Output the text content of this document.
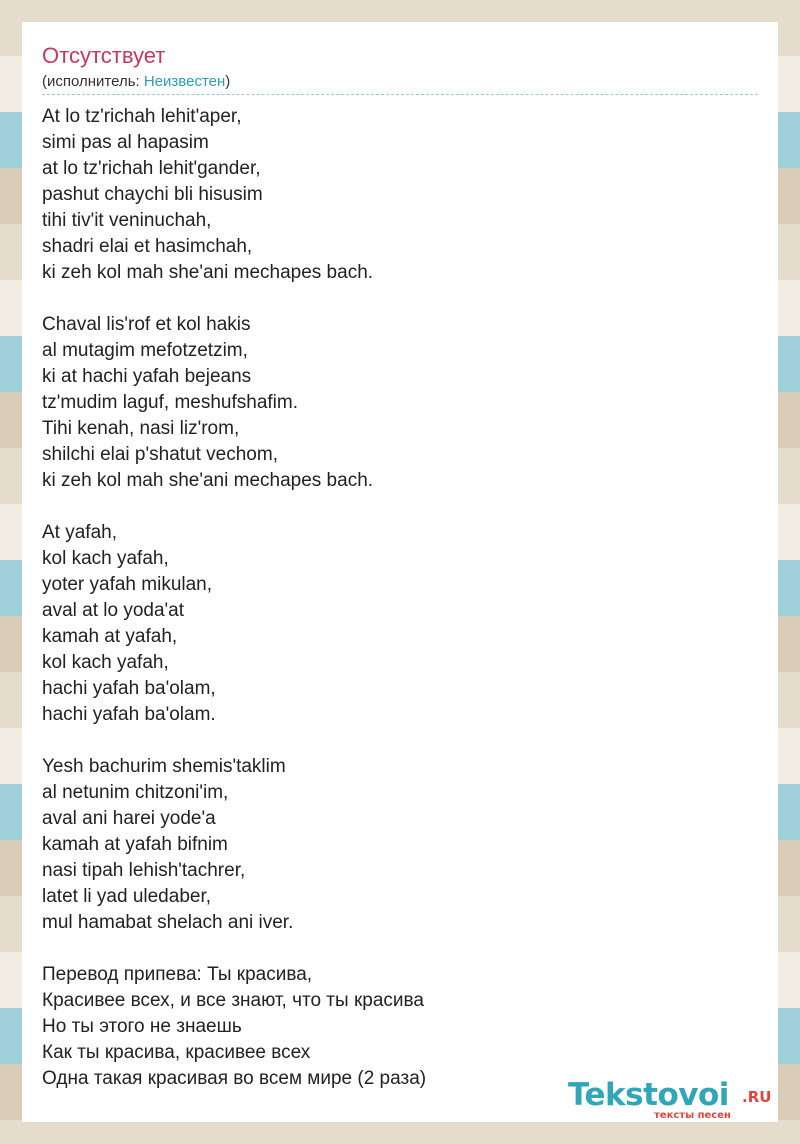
Отсутствует
(исполнитель: Неизвестен)
At lo tz'richah lehit'aper,
simi pas al hapasim
at lo tz'richah lehit'gander,
pashut chaychi bli hisusim
tihi tiv'it veninuchah,
shadri elai et hasimchah,
ki zeh kol mah she'ani mechapes bach.
Chaval lis'rof et kol hakis
al mutagim mefotzetzim,
ki at hachi yafah bejeans
tz'mudim laguf, meshufshafim.
Tihi kenah, nasi liz'rom,
shilchi elai p'shatut vechom,
ki zeh kol mah she'ani mechapes bach.
At yafah,
kol kach yafah,
yoter yafah mikulan,
aval at lo yoda'at
kamah at yafah,
kol kach yafah,
hachi yafah ba'olam,
hachi yafah ba'olam.
Yesh bachurim shemis'taklim
al netunim chitzoni'im,
aval ani harei yode'a
kamah at yafah bifnim
nasi tipah lehish'tachrer,
latet li yad uledaber,
mul hamabat shelach ani iver.
Перевод припева: Ты красива,
Красивее всех, и все знают, что ты красива
Но ты этого не знаешь
Как ты красива, красивее всех
Одна такая красивая во всем мире (2 раза)	Tekstovoi .RU
тексты песен
